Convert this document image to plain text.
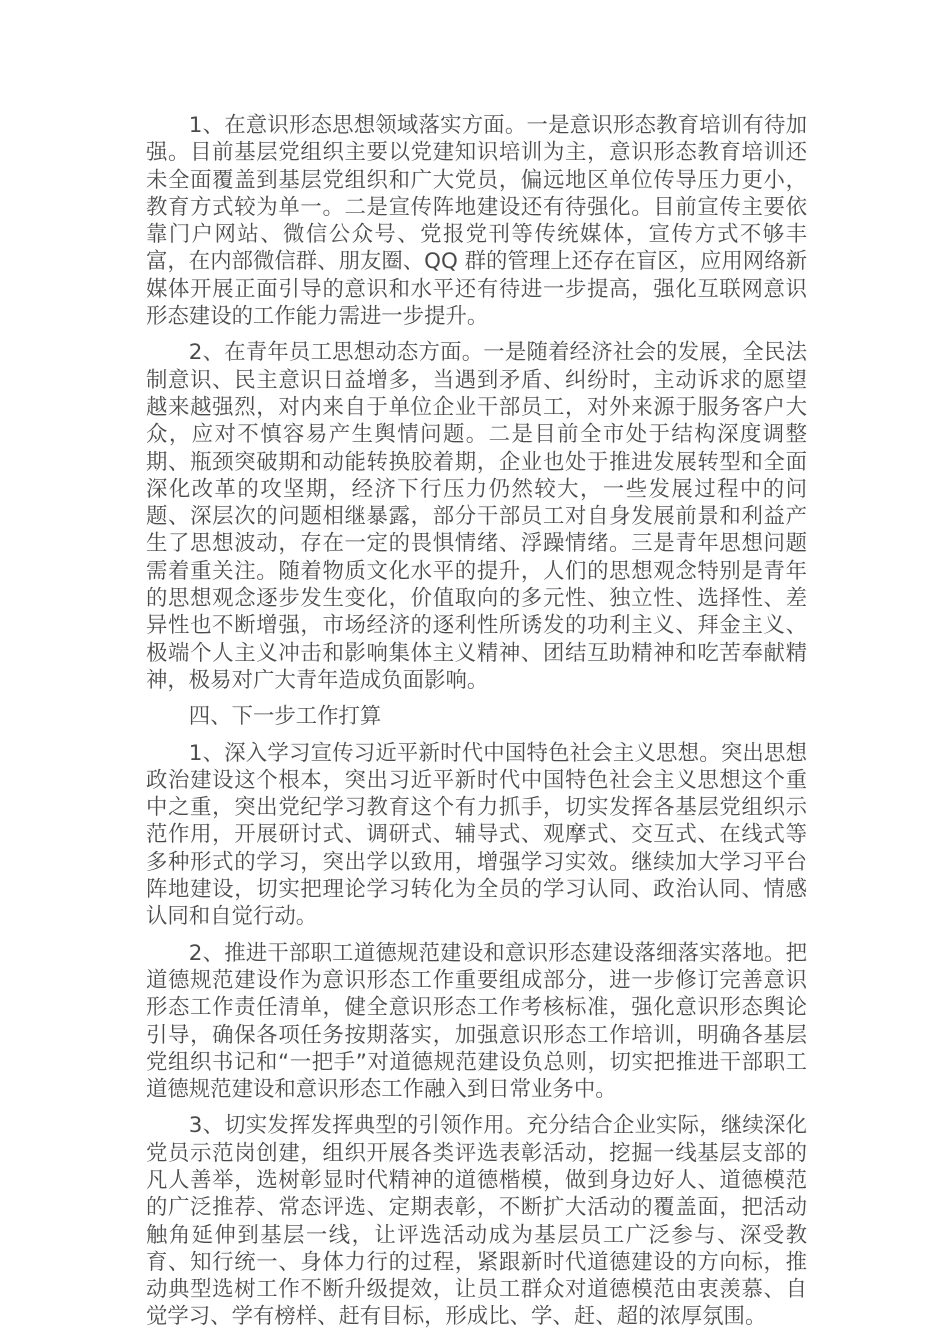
1、在意识形态思想领域落实方面。一是意识形态教育培训有待加强。目前基层党组织主要以党建知识培训为主，意识形态教育培训还未全面覆盖到基层党组织和广大党员，偏远地区单位传导压力更小，教育方式较为单一。二是宣传阵地建设还有待强化。目前宣传主要依靠门户网站、微信公众号、党报党刊等传统媒体，宣传方式不够丰富，在内部微信群、朋友圈、QQ 群的管理上还存在盲区，应用网络新媒体开展正面引导的意识和水平还有待进一步提高，强化互联网意识形态建设的工作能力需进一步提升。

2、在青年员工思想动态方面。一是随着经济社会的发展，全民法制意识、民主意识日益增多，当遇到矛盾、纠纷时，主动诉求的愿望越来越强烈，对内来自于单位企业干部员工，对外来源于服务客户大众，应对不慎容易产生舆情问题。二是目前全市处于结构深度调整期、瓶颈突破期和动能转换胶着期，企业也处于推进发展转型和全面深化改革的攻坚期，经济下行压力仍然较大，一些发展过程中的问题、深层次的问题相继暴露，部分干部员工对自身发展前景和利益产生了思想波动，存在一定的畏惧情绪、浮躁情绪。三是青年思想问题需着重关注。随着物质文化水平的提升，人们的思想观念特别是青年的思想观念逐步发生变化，价值取向的多元性、独立性、选择性、差异性也不断增强，市场经济的逐利性所诱发的功利主义、拜金主义、极端个人主义冲击和影响集体主义精神、团结互助精神和吃苦奉献精神，极易对广大青年造成负面影响。

四、下一步工作打算

1、深入学习宣传习近平新时代中国特色社会主义思想。突出思想政治建设这个根本，突出习近平新时代中国特色社会主义思想这个重中之重，突出党纪学习教育这个有力抓手，切实发挥各基层党组织示范作用，开展研讨式、调研式、辅导式、观摩式、交互式、在线式等多种形式的学习，突出学以致用，增强学习实效。继续加大学习平台阵地建设，切实把理论学习转化为全员的学习认同、政治认同、情感认同和自觉行动。

2、推进干部职工道德规范建设和意识形态建设落细落实落地。把道德规范建设作为意识形态工作重要组成部分，进一步修订完善意识形态工作责任清单，健全意识形态工作考核标准，强化意识形态舆论引导，确保各项任务按期落实，加强意识形态工作培训，明确各基层党组织书记和“一把手”对道德规范建设负总则，切实把推进干部职工道德规范建设和意识形态工作融入到日常业务中。

3、切实发挥发挥典型的引领作用。充分结合企业实际，继续深化党员示范岗创建，组织开展各类评选表彰活动，挖掘一线基层支部的凡人善举，选树彰显时代精神的道德楷模，做到身边好人、道德模范的广泛推荐、常态评选、定期表彰，不断扩大活动的覆盖面，把活动触角延伸到基层一线，让评选活动成为基层员工广泛参与、深受教育、知行统一、身体力行的过程，紧跟新时代道德建设的方向标，推动典型选树工作不断升级提效，让员工群众对道德模范由衷羡慕、自觉学习、学有榜样、赶有目标，形成比、学、赶、超的浓厚氛围。
